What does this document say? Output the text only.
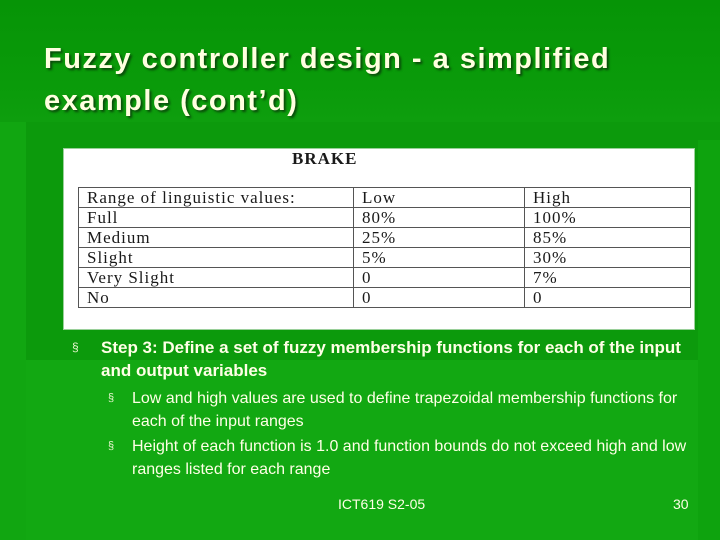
Fuzzy controller design - a simplified
example (cont’d)
BRAKE
Range of linguistic values:	Low	High
Full	80%	100%
Medium	25%	85%
Slight	5%	30%
Very Slight	0	7%
No	0	0
§ Step 3: Define a set of fuzzy membership functions for each of the input and output variables
§ Low and high values are used to define trapezoidal membership functions for each of the input ranges
§ Height of each function is 1.0 and function bounds do not exceed high and low ranges listed for each range
ICT619 S2-05	30
